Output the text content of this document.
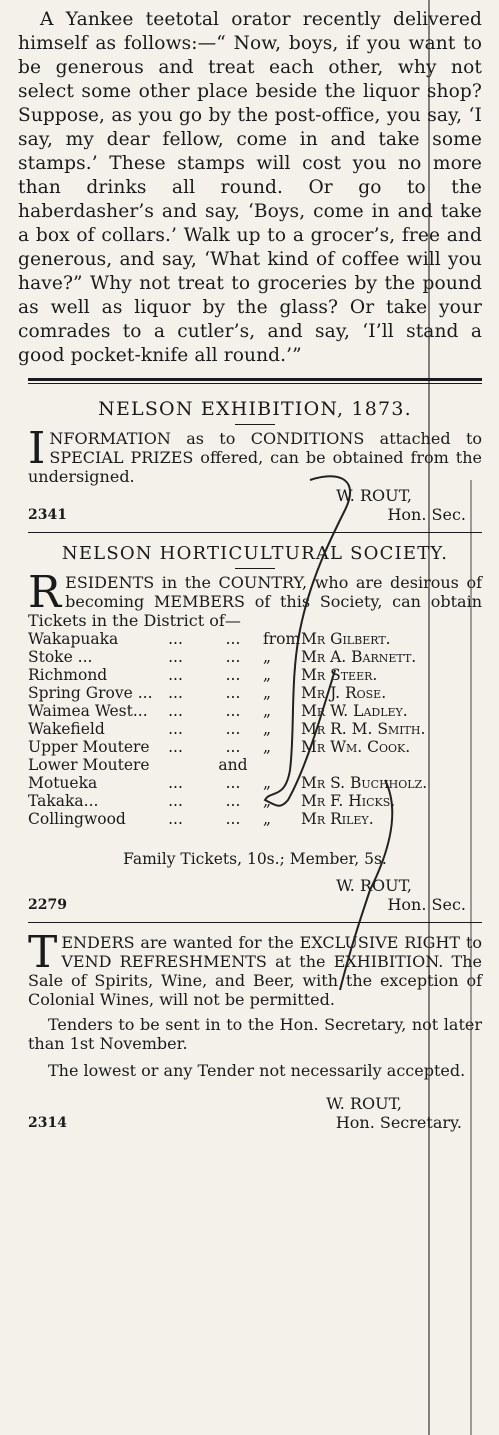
A Yankee teetotal orator recently delivered himself as follows:—“ Now, boys, if you want to be generous and treat each other, why not select some other place beside the liquor shop? Suppose, as you go by the post-office, you say, ‘I say, my dear fellow, come in and take some stamps.’ These stamps will cost you no more than drinks all round. Or go to the haberdasher’s and say, ‘Boys, come in and take a box of collars.’ Walk up to a grocer’s, free and generous, and say, ‘What kind of coffee will you have?” Why not treat to groceries by the pound as well as liquor by the glass? Or take your comrades to a cutler’s, and say, ‘I’ll stand a good pocket-knife all round.’”

NELSON EXHIBITION, 1873.

I NFORMATION as to CONDITIONS attached to SPECIAL PRIZES offered, can be obtained from the undersigned.

W. ROUT,

Hon. Sec.

2341

NELSON HORTICULTURAL SOCIETY.

R ESIDENTS in the COUNTRY, who are desirous of becoming MEMBERS of this Society, can obtain Tickets in the District of—

Wakapuaka	...	...	from Mr Gilbert.
Stoke ...	...	...	„	Mr A. Barnett.
Richmond	...	...	„	Mr Steer.
Spring Grove ...	...	...	„	Mr J. Rose.
Waimea West...	...	...	„	Mr W. Ladley.
Wakefield	...	...	„	Mr R. M. Smith.
Upper Moutere	...	...	„	Mr Wm. Cook.
Lower Moutere	and
Motueka	...	...	„	Mr S. Buchholz.
Takaka...	...	...	„	Mr F. Hicks.
Collingwood	...	...	„	Mr Riley.

Family Tickets, 10s.; Member, 5s.

W. ROUT,

Hon. Sec.

2279

T ENDERS are wanted for the EXCLUSIVE RIGHT to VEND REFRESHMENTS at the EXHIBITION. The Sale of Spirits, Wine, and Beer, with the exception of Colonial Wines, will not be permitted.

Tenders to be sent in to the Hon. Secretary, not later than 1st November.

The lowest or any Tender not necessarily accepted.

W. ROUT,

Hon. Secretary.

2314
